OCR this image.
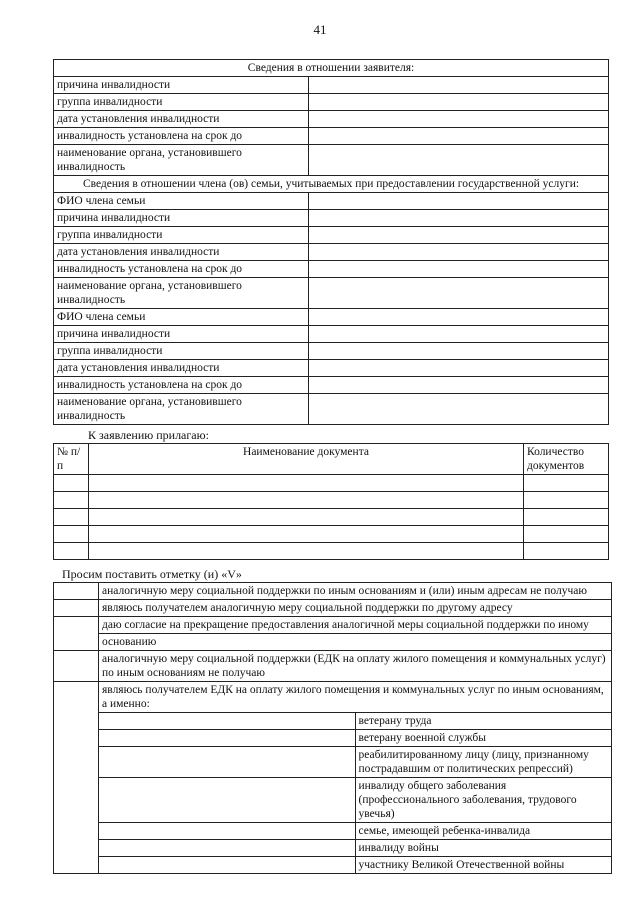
41
Сведения в отношении заявителя:	
причина инвалидности	
группа инвалидности	
дата установления инвалидности	
инвалидность установлена на срок до	
наименование органа, установившего инвалидность	
Сведения в отношении члена (ов) семьи, учитываемых при предоставлении государственной услуги:	
ФИО члена семьи	
причина инвалидности	
группа инвалидности	
дата установления инвалидности	
инвалидность установлена на срок до	
наименование органа, установившего инвалидность	
ФИО члена семьи	
причина инвалидности	
группа инвалидности	
дата установления инвалидности	
инвалидность установлена на срок до	
наименование органа, установившего инвалидность	
К заявлению прилагаю:
№ п/п	Наименование документа	Количество документов

Просим поставить отметку (и) «V»
	аналогичную меру социальной поддержки по иным основаниям и (или) иным адресам не получаю	
	являюсь получателем аналогичную меру социальной поддержки по другому адресу	
	даю согласие на прекращение предоставления аналогичной меры социальной поддержки по иному	
	основанию	
	аналогичную меру социальной поддержки (ЕДК на оплату жилого помещения и коммунальных услуг) по иным основаниям не получаю	
	являюсь получателем ЕДК на оплату жилого помещения и коммунальных услуг по иным основаниям, а именно:	
		ветерану труда
		ветерану военной службы
		реабилитированному лицу (лицу, признанному пострадавшим от политических репрессий)
		инвалиду общего заболевания (профессионального заболевания, трудового увечья)
		семье, имеющей ребенка-инвалида
		инвалиду войны
		участнику Великой Отечественной войны
